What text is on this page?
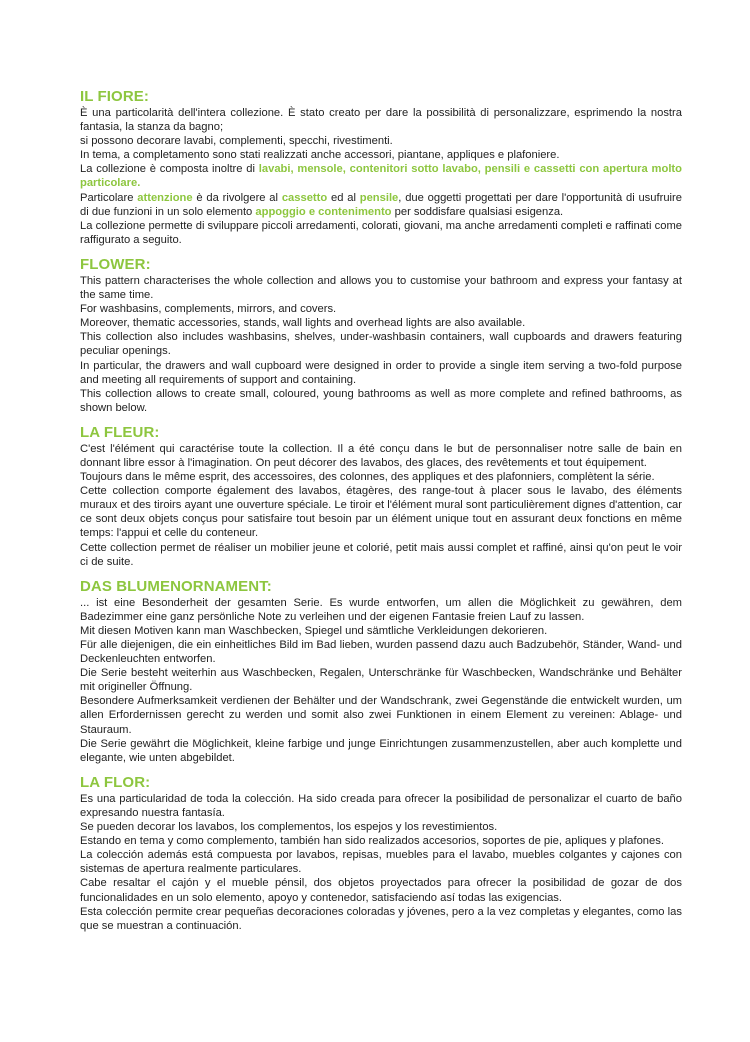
IL FIORE:

È una particolarità dell'intera collezione. È stato creato per dare la possibilità di personalizzare, esprimendo la nostra fantasia, la stanza da bagno;

si possono decorare lavabi, complementi, specchi, rivestimenti.

In tema, a completamento sono stati realizzati anche accessori, piantane, appliques e plafoniere.

La collezione è composta inoltre di lavabi, mensole, contenitori sotto lavabo, pensili e cassetti con apertura molto particolare.

Particolare attenzione è da rivolgere al cassetto ed al pensile, due oggetti progettati per dare l'opportunità di usufruire di due funzioni in un solo elemento appoggio e contenimento per soddisfare qualsiasi esigenza.

La collezione permette di sviluppare piccoli arredamenti, colorati, giovani, ma anche arredamenti completi e raffinati come raffigurato a seguito.

FLOWER:

This pattern characterises the whole collection and allows you to customise your bathroom and express your fantasy at the same time.

For washbasins, complements, mirrors, and covers.

Moreover, thematic accessories, stands, wall lights and overhead lights are also available.

This collection also includes washbasins, shelves, under-washbasin containers, wall cupboards and drawers featuring peculiar openings.

In particular, the drawers and wall cupboard were designed in order to provide a single item serving a two-fold purpose and meeting all requirements of support and containing.

This collection allows to create small, coloured, young bathrooms as well as more complete and refined bathrooms, as shown below.

LA FLEUR:

C'est l'élément qui caractérise toute la collection. Il a été conçu dans le but de personnaliser notre salle de bain en donnant libre essor à l'imagination. On peut décorer des lavabos, des glaces, des revêtements et tout équipement.

Toujours dans le même esprit, des accessoires, des colonnes, des appliques et des plafonniers, complètent la série.

Cette collection comporte également des lavabos, étagères, des range-tout à placer sous le lavabo, des éléments muraux et des tiroirs ayant une ouverture spéciale. Le tiroir et l'élément mural sont particulièrement dignes d'attention, car ce sont deux objets conçus pour satisfaire tout besoin par un élément unique tout en assurant deux fonctions en même temps: l'appui et celle du conteneur.

Cette collection permet de réaliser un mobilier jeune et colorié, petit mais aussi complet et raffiné, ainsi qu'on peut le voir ci de suite.

DAS BLUMENORNAMENT:

... ist eine Besonderheit der gesamten Serie. Es wurde entworfen, um allen die Möglichkeit zu gewähren, dem Badezimmer eine ganz persönliche Note zu verleihen und der eigenen Fantasie freien Lauf zu lassen.

Mit diesen Motiven kann man Waschbecken, Spiegel und sämtliche Verkleidungen dekorieren.

Für alle diejenigen, die ein einheitliches Bild im Bad lieben, wurden passend dazu auch Badzubehör, Ständer, Wand- und Deckenleuchten entworfen.

Die Serie besteht weiterhin aus Waschbecken, Regalen, Unterschränke für Waschbecken, Wandschränke und Behälter mit origineller Öffnung.

Besondere Aufmerksamkeit verdienen der Behälter und der Wandschrank, zwei Gegenstände die entwickelt wurden, um allen Erfordernissen gerecht zu werden und somit also zwei Funktionen in einem Element zu vereinen: Ablage- und Stauraum.

Die Serie gewährt die Möglichkeit, kleine farbige und junge Einrichtungen zusammenzustellen, aber auch komplette und elegante, wie unten abgebildet.

LA FLOR:

Es una particularidad de toda la colección. Ha sido creada para ofrecer la posibilidad de personalizar el cuarto de baño expresando nuestra fantasía.

Se pueden decorar los lavabos, los complementos, los espejos y los revestimientos.

Estando en tema y como complemento, también han sido realizados accesorios, soportes de pie, apliques y plafones.

La colección además está compuesta por lavabos, repisas, muebles para el lavabo, muebles colgantes y cajones con sistemas de apertura realmente particulares.

Cabe resaltar el cajón y el mueble pénsil, dos objetos proyectados para ofrecer la posibilidad de gozar de dos funcionalidades en un solo elemento, apoyo y contenedor, satisfaciendo así todas las exigencias.

Esta colección permite crear pequeñas decoraciones coloradas y jóvenes, pero a la vez completas y elegantes, como las que se muestran a continuación.
